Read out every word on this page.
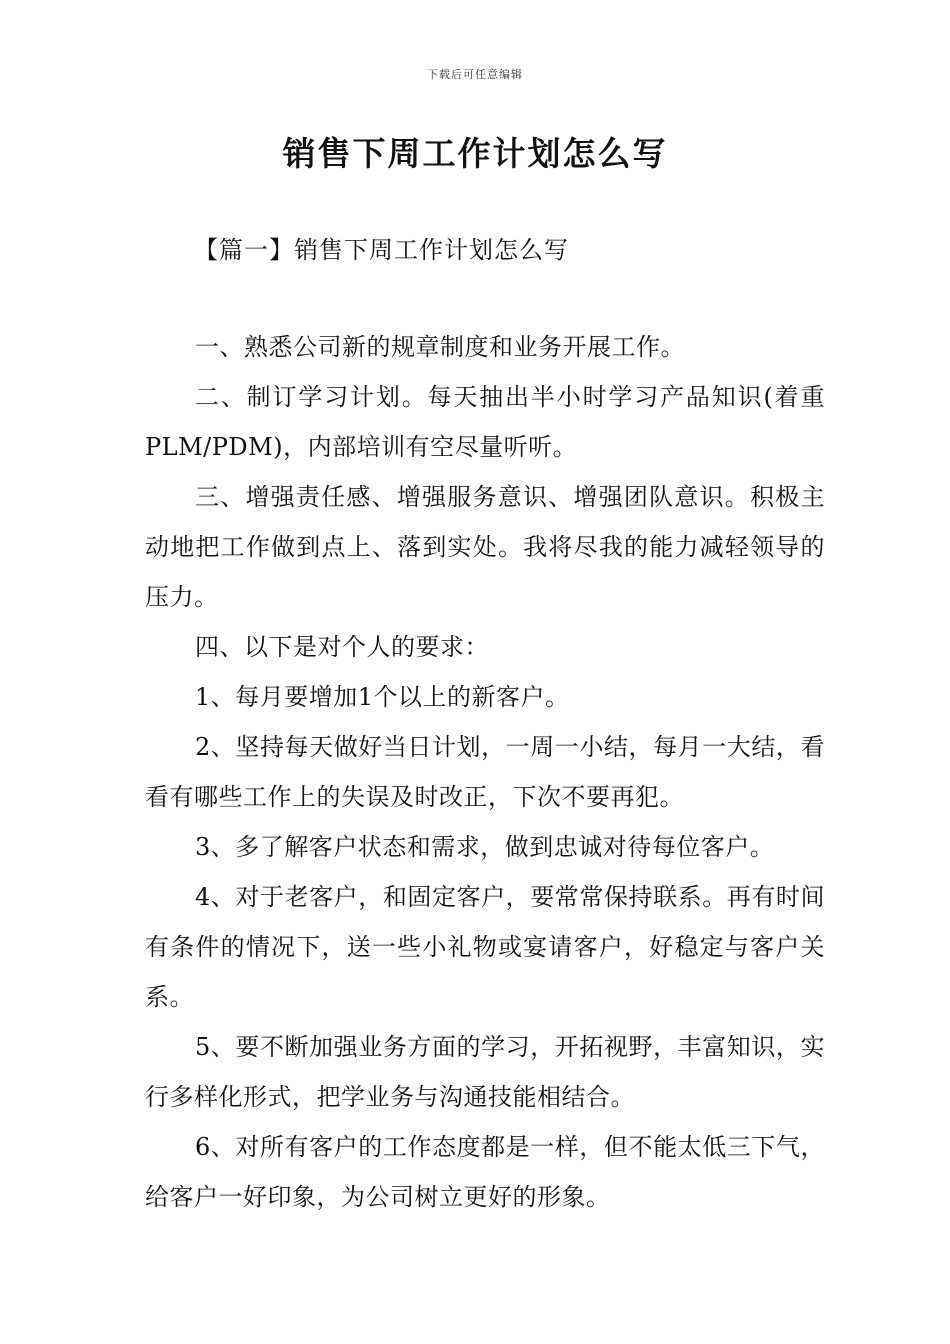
下载后可任意编辑
销售下周工作计划怎么写
【篇一】销售下周工作计划怎么写

一、熟悉公司新的规章制度和业务开展工作。

二、制订学习计划。每天抽出半小时学习产品知识(着重PLM/PDM)，内部培训有空尽量听听。

三、增强责任感、增强服务意识、增强团队意识。积极主动地把工作做到点上、落到实处。我将尽我的能力减轻领导的压力。

四、以下是对个人的要求：

1、每月要增加1个以上的新客户。

2、坚持每天做好当日计划，一周一小结，每月一大结，看看有哪些工作上的失误及时改正，下次不要再犯。

3、多了解客户状态和需求，做到忠诚对待每位客户。

4、对于老客户，和固定客户，要常常保持联系。再有时间有条件的情况下，送一些小礼物或宴请客户，好稳定与客户关系。

5、要不断加强业务方面的学习，开拓视野，丰富知识，实行多样化形式，把学业务与沟通技能相结合。

6、对所有客户的工作态度都是一样，但不能太低三下气，给客户一好印象，为公司树立更好的形象。
